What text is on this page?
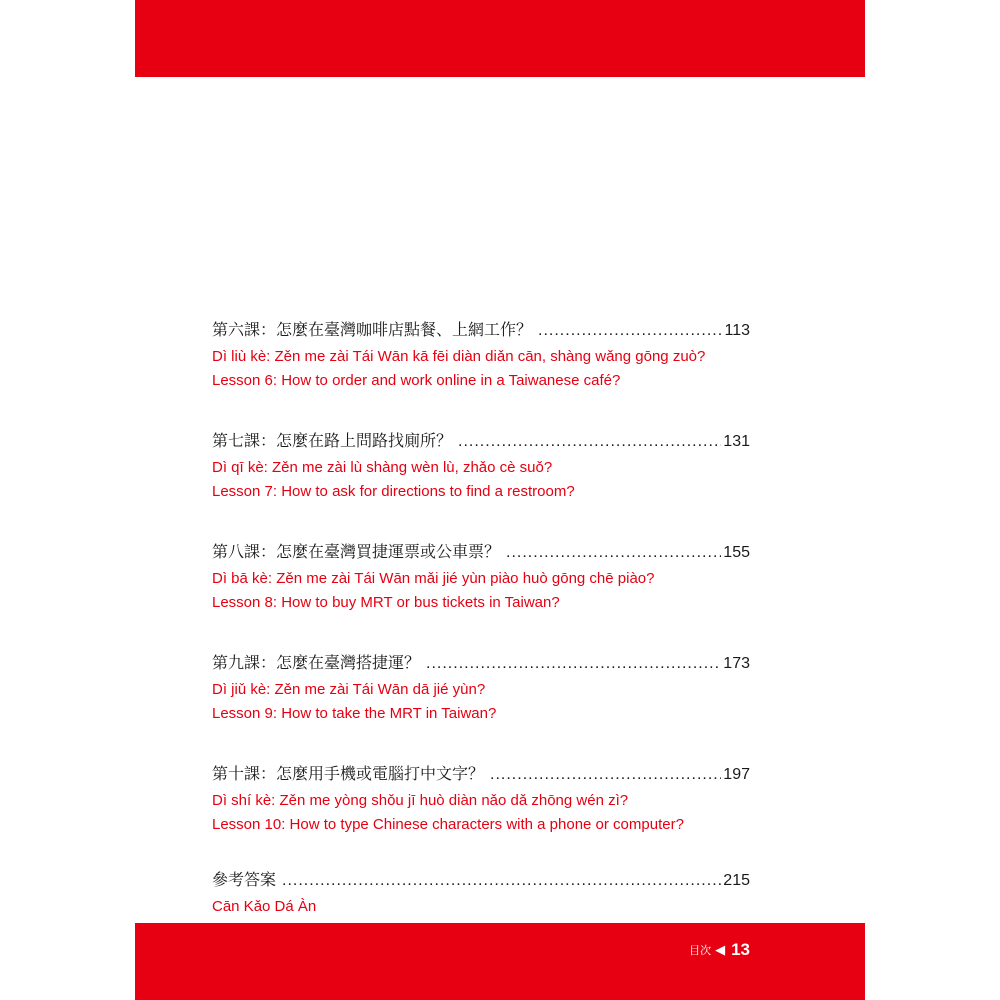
第六課：怎麼在臺灣咖啡店點餐、上網工作？ .....	113
Dì liù kè: Zěn me zài Tái Wān kā fēi diàn diǎn cān, shàng wǎng gōng zuò?
Lesson 6: How to order and work online in a Taiwanese café?
第七課：怎麼在路上問路找廁所？ .....	131
Dì qī kè: Zěn me zài lù shàng wèn lù, zhǎo cè suǒ?
Lesson 7: How to ask for directions to find a restroom?
第八課：怎麼在臺灣買捷運票或公車票？ .....	155
Dì bā kè: Zěn me zài Tái Wān mǎi jié yùn piào huò gōng chē piào?
Lesson 8: How to buy MRT or bus tickets in Taiwan?
第九課：怎麼在臺灣搭捷運？ .....	173
Dì jiǔ kè: Zěn me zài Tái Wān dā jié yùn?
Lesson 9: How to take the MRT in Taiwan?
第十課：怎麼用手機或電腦打中文字？ .....	197
Dì shí kè: Zěn me yòng shǒu jī huò diàn nǎo dǎ zhōng wén zì?
Lesson 10: How to type Chinese characters with a phone or computer?
參考答案 .....	215
Cān Kǎo Dá Àn
目次 ◀ 13
